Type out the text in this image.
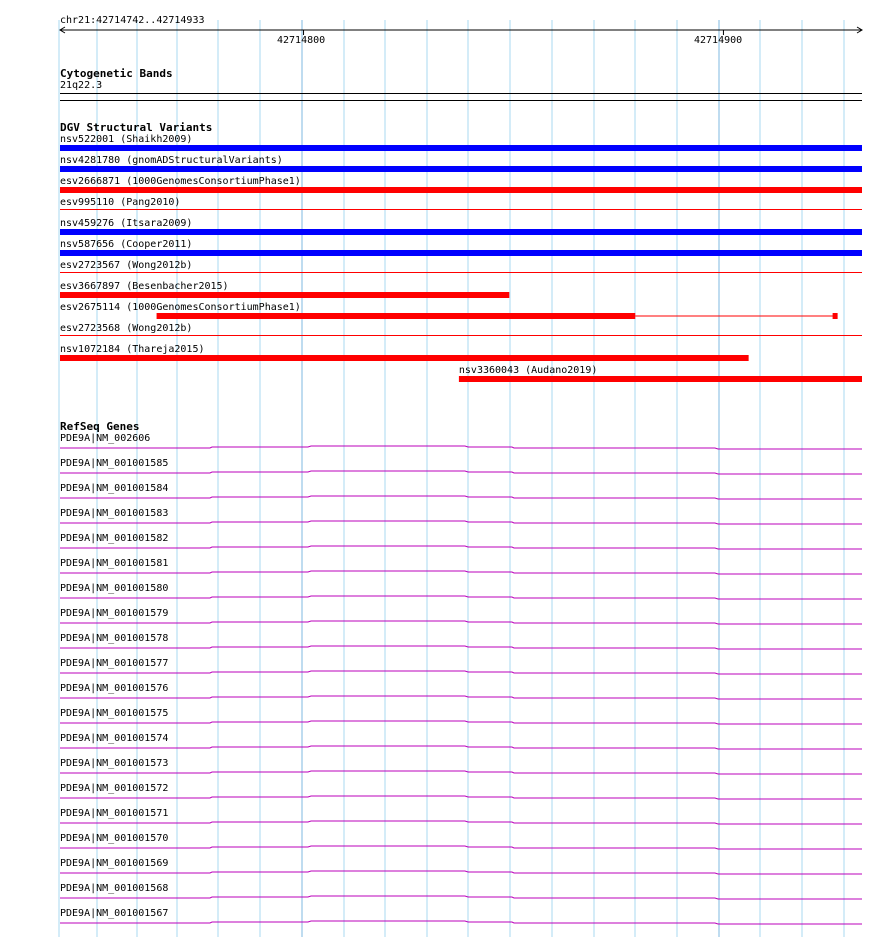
chr21:42714742..42714933
42714800	42714900
Cytogenetic Bands
21q22.3
DGV Structural Variants
nsv522001 (Shaikh2009)
nsv4281780 (gnomADStructuralVariants)
esv2666871 (1000GenomesConsortiumPhase1)
esv995110 (Pang2010)
nsv459276 (Itsara2009)
nsv587656 (Cooper2011)
esv2723567 (Wong2012b)
esv3667897 (Besenbacher2015)
esv2675114 (1000GenomesConsortiumPhase1)
esv2723568 (Wong2012b)
nsv1072184 (Thareja2015)
nsv3360043 (Audano2019)
RefSeq Genes
PDE9A|NM_002606
PDE9A|NM_001001585
PDE9A|NM_001001584
PDE9A|NM_001001583
PDE9A|NM_001001582
PDE9A|NM_001001581
PDE9A|NM_001001580
PDE9A|NM_001001579
PDE9A|NM_001001578
PDE9A|NM_001001577
PDE9A|NM_001001576
PDE9A|NM_001001575
PDE9A|NM_001001574
PDE9A|NM_001001573
PDE9A|NM_001001572
PDE9A|NM_001001571
PDE9A|NM_001001570
PDE9A|NM_001001569
PDE9A|NM_001001568
PDE9A|NM_001001567
